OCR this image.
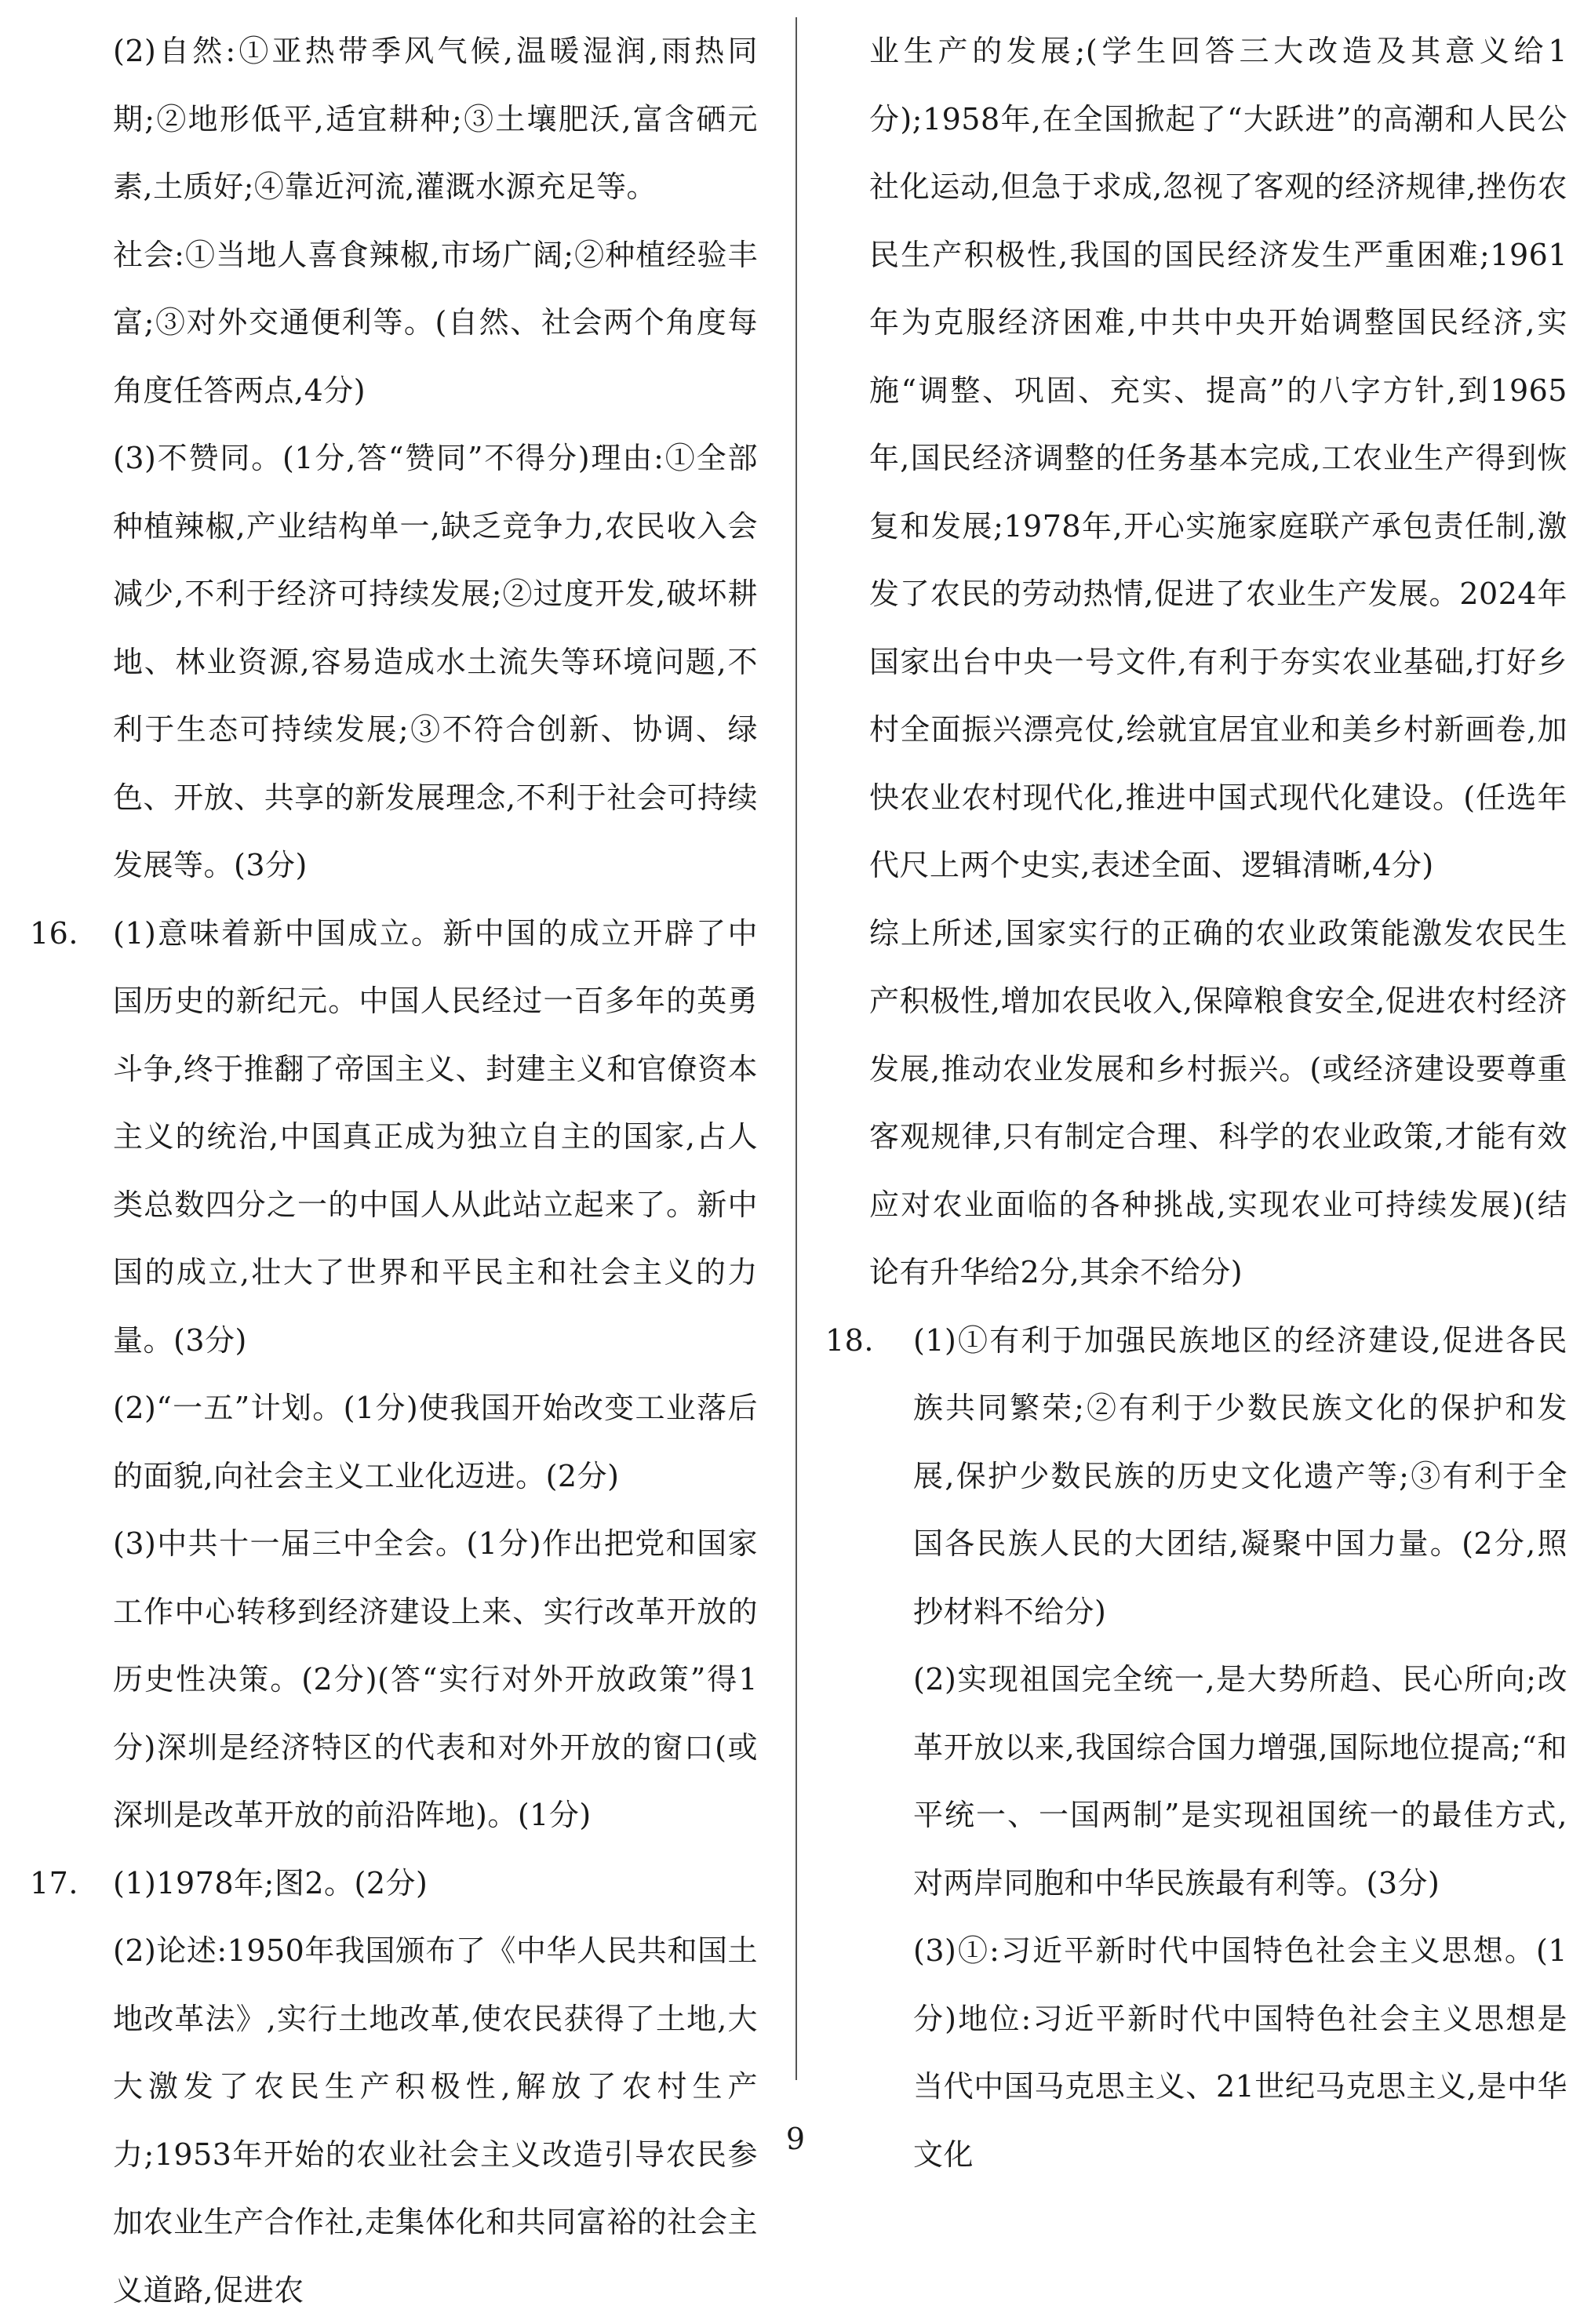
(2)自然:①亚热带季风气候,温暖湿润,雨热同期;②地形低平,适宜耕种;③土壤肥沃,富含硒元素,土质好;④靠近河流,灌溉水源充足等。

社会:①当地人喜食辣椒,市场广阔;②种植经验丰富;③对外交通便利等。(自然、社会两个角度每角度任答两点,4分)

(3)不赞同。(1分,答“赞同”不得分)理由:①全部种植辣椒,产业结构单一,缺乏竞争力,农民收入会减少,不利于经济可持续发展;②过度开发,破坏耕地、林业资源,容易造成水土流失等环境问题,不利于生态可持续发展;③不符合创新、协调、绿色、开放、共享的新发展理念,不利于社会可持续发展等。(3分)

16.	(1)意味着新中国成立。新中国的成立开辟了中国历史的新纪元。中国人民经过一百多年的英勇斗争,终于推翻了帝国主义、封建主义和官僚资本主义的统治,中国真正成为独立自主的国家,占人类总数四分之一的中国人从此站立起来了。新中国的成立,壮大了世界和平民主和社会主义的力量。(3分)

(2)“一五”计划。(1分)使我国开始改变工业落后的面貌,向社会主义工业化迈进。(2分)

(3)中共十一届三中全会。(1分)作出把党和国家工作中心转移到经济建设上来、实行改革开放的历史性决策。(2分)(答“实行对外开放政策”得1分)深圳是经济特区的代表和对外开放的窗口(或深圳是改革开放的前沿阵地)。(1分)

17.	(1)1978年;图2。(2分)

(2)论述:1950年我国颁布了《中华人民共和国土地改革法》,实行土地改革,使农民获得了土地,大大激发了农民生产积极性,解放了农村生产力;1953年开始的农业社会主义改造引导农民参加农业生产合作社,走集体化和共同富裕的社会主义道路,促进农

业生产的发展;(学生回答三大改造及其意义给1分);1958年,在全国掀起了“大跃进”的高潮和人民公社化运动,但急于求成,忽视了客观的经济规律,挫伤农民生产积极性,我国的国民经济发生严重困难;1961年为克服经济困难,中共中央开始调整国民经济,实施“调整、巩固、充实、提高”的八字方针,到1965年,国民经济调整的任务基本完成,工农业生产得到恢复和发展;1978年,开心实施家庭联产承包责任制,激发了农民的劳动热情,促进了农业生产发展。2024年国家出台中央一号文件,有利于夯实农业基础,打好乡村全面振兴漂亮仗,绘就宜居宜业和美乡村新画卷,加快农业农村现代化,推进中国式现代化建设。(任选年代尺上两个史实,表述全面、逻辑清晰,4分)

综上所述,国家实行的正确的农业政策能激发农民生产积极性,增加农民收入,保障粮食安全,促进农村经济发展,推动农业发展和乡村振兴。(或经济建设要尊重客观规律,只有制定合理、科学的农业政策,才能有效应对农业面临的各种挑战,实现农业可持续发展)(结论有升华给2分,其余不给分)

18.	(1)①有利于加强民族地区的经济建设,促进各民族共同繁荣;②有利于少数民族文化的保护和发展,保护少数民族的历史文化遗产等;③有利于全国各民族人民的大团结,凝聚中国力量。(2分,照抄材料不给分)

(2)实现祖国完全统一,是大势所趋、民心所向;改革开放以来,我国综合国力增强,国际地位提高;“和平统一、一国两制”是实现祖国统一的最佳方式,对两岸同胞和中华民族最有利等。(3分)

(3)①:习近平新时代中国特色社会主义思想。(1分)地位:习近平新时代中国特色社会主义思想是当代中国马克思主义、21世纪马克思主义,是中华文化

9
